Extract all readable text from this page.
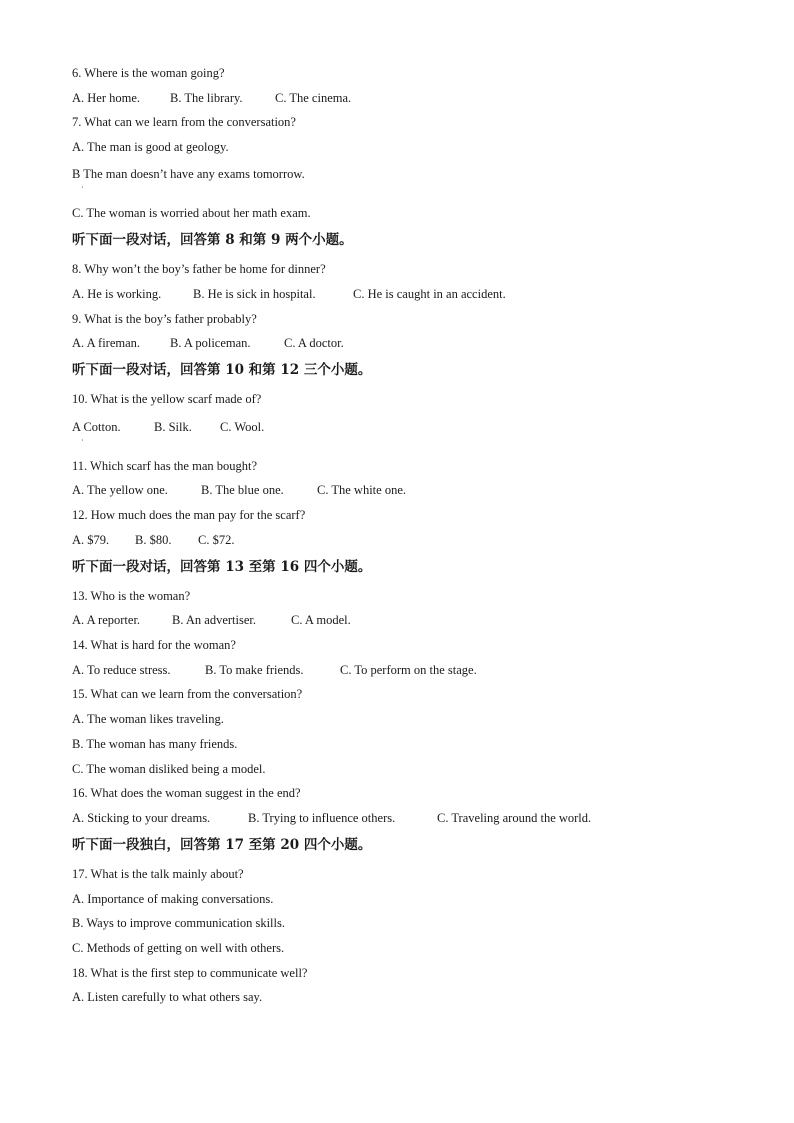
6. Where is the woman going?
A. Her home. B. The library.	C. The cinema.
7. What can we learn from the conversation?
A. The man is good at geology.
B The man doesn’t have any exams tomorrow.
·
C. The woman is worried about her math exam.
听下面一段对话，回答第 8 和第 9 两个小题。
8. Why won’t the boy’s father be home for dinner?
A. He is working.	B. He is sick in hospital.	C. He is caught in an accident.
9. What is the boy’s father probably?
A. A fireman. B. A policeman.	C. A doctor.
听下面一段对话，回答第 10 和第 12 三个小题。
10. What is the yellow scarf made of?
A Cotton.	B. Silk. C. Wool.
·
11. Which scarf has the man bought?
A. The yellow one.	B. The blue one.	C. The white one.
12. How much does the man pay for the scarf?
A. $79. B. $80. C. $72.
听下面一段对话，回答第 13 至第 16 四个小题。
13. Who is the woman?
A. A reporter.	B. An advertiser.	C. A model.
14. What is hard for the woman?
A. To reduce stress.	B. To make friends.	C. To perform on the stage.
15. What can we learn from the conversation?
A. The woman likes traveling.
B. The woman has many friends.
C. The woman disliked being a model.
16. What does the woman suggest in the end?
A. Sticking to your dreams.	B. Trying to influence others.	C. Traveling around the world.
听下面一段独白，回答第 17 至第 20 四个小题。
17. What is the talk mainly about?
A. Importance of making conversations.
B. Ways to improve communication skills.
C. Methods of getting on well with others.
18. What is the first step to communicate well?
A. Listen carefully to what others say.
